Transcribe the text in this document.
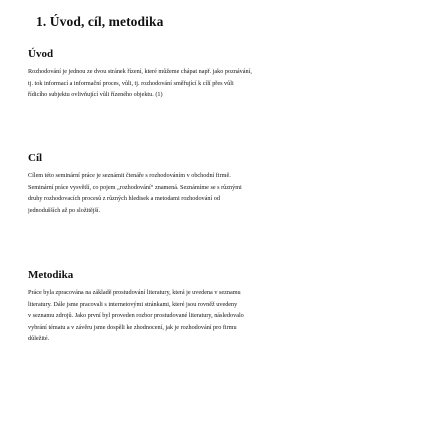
1. Úvod, cíl, metodika
Úvod
Rozhodování je jednou ze dvou stránek řízení, které můžeme chápat např. jako poznávání,
tj. tok informací a informační proces, vůli, tj. rozhodování směřující k cílí přes vůli
řídicího subjektu ovlivňující vůli řízeného objektu. (1)
Cíl
Cílem této seminární práce je seznámit čtenáře s rozhodováním v obchodní firmě.
Seminární práce vysvětlí, co pojem „rozhodování“ znamená. Seznámíme se s různými
druhy rozhodovacích procesů z různých hledisek a metodami rozhodování od
jednodušších až po složitější.
Metodika
Práce byla zpracována na základě prostudování literatury, která je uvedena v seznamu
literatury. Dále jsme pracovali s internetovými stránkami, které jsou rovněž uvedeny
v seznamu zdrojů. Jako první byl proveden rozbor prostudované literatury, následovalo
vybrání tématu a v závěru jsme dospěli ke zhodnocení, jak je rozhodování pro firmu
důležité.
